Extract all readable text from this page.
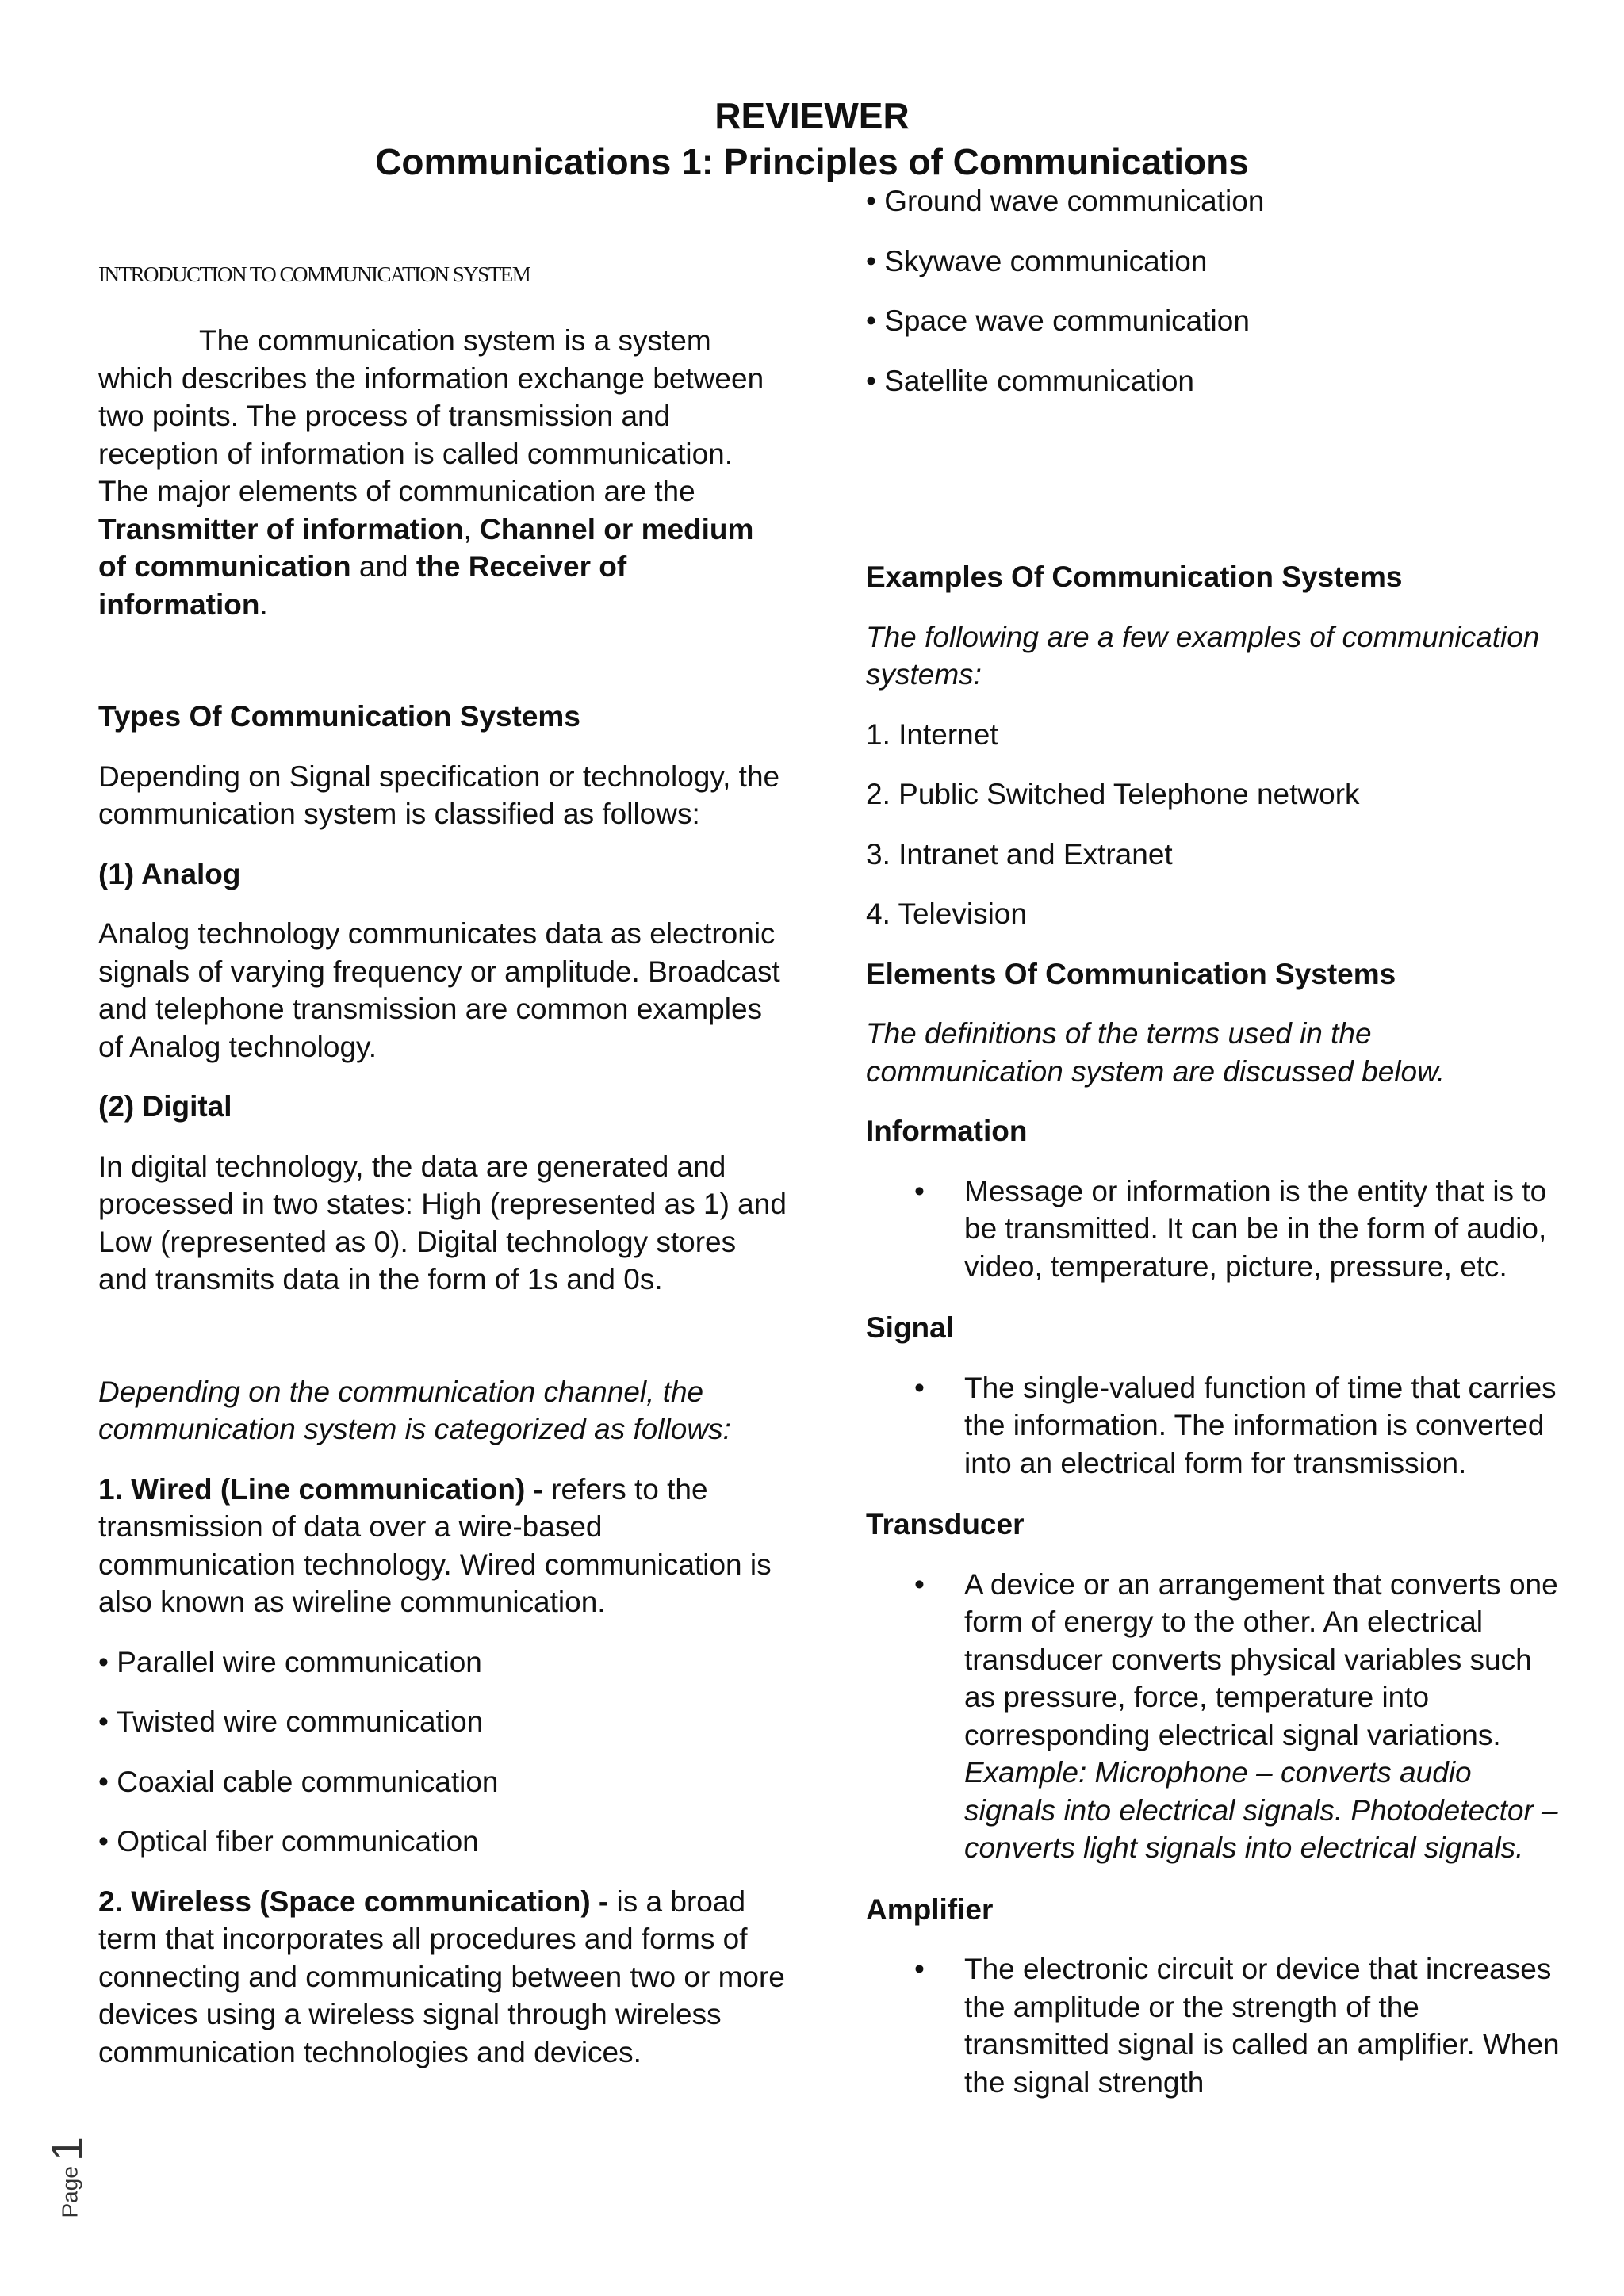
REVIEWER
Communications 1: Principles of Communications

INTRODUCTION TO COMMUNICATION SYSTEM

The communication system is a system which describes the information exchange between two points. The process of transmission and reception of information is called communication. The major elements of communication are the Transmitter of information, Channel or medium of communication and the Receiver of information.

Types Of Communication Systems

Depending on Signal specification or technology, the communication system is classified as follows:

(1) Analog

Analog technology communicates data as electronic signals of varying frequency or amplitude. Broadcast and telephone transmission are common examples of Analog technology.

(2) Digital

In digital technology, the data are generated and processed in two states: High (represented as 1) and Low (represented as 0). Digital technology stores and transmits data in the form of 1s and 0s.

Depending on the communication channel, the communication system is categorized as follows:

1. Wired (Line communication) - refers to the transmission of data over a wire-based communication technology. Wired communication is also known as wireline communication.

• Parallel wire communication

• Twisted wire communication

• Coaxial cable communication

• Optical fiber communication

2. Wireless (Space communication) - is a broad term that incorporates all procedures and forms of connecting and communicating between two or more devices using a wireless signal through wireless communication technologies and devices.

• Ground wave communication

• Skywave communication

• Space wave communication

• Satellite communication

Examples Of Communication Systems

The following are a few examples of communication systems:

1. Internet

2. Public Switched Telephone network

3. Intranet and Extranet

4. Television

Elements Of Communication Systems

The definitions of the terms used in the communication system are discussed below.

Information

• Message or information is the entity that is to be transmitted. It can be in the form of audio, video, temperature, picture, pressure, etc.

Signal

• The single-valued function of time that carries the information. The information is converted into an electrical form for transmission.

Transducer

• A device or an arrangement that converts one form of energy to the other. An electrical transducer converts physical variables such as pressure, force, temperature into corresponding electrical signal variations. Example: Microphone – converts audio signals into electrical signals. Photodetector – converts light signals into electrical signals.

Amplifier

• The electronic circuit or device that increases the amplitude or the strength of the transmitted signal is called an amplifier. When the signal strength
Page1
